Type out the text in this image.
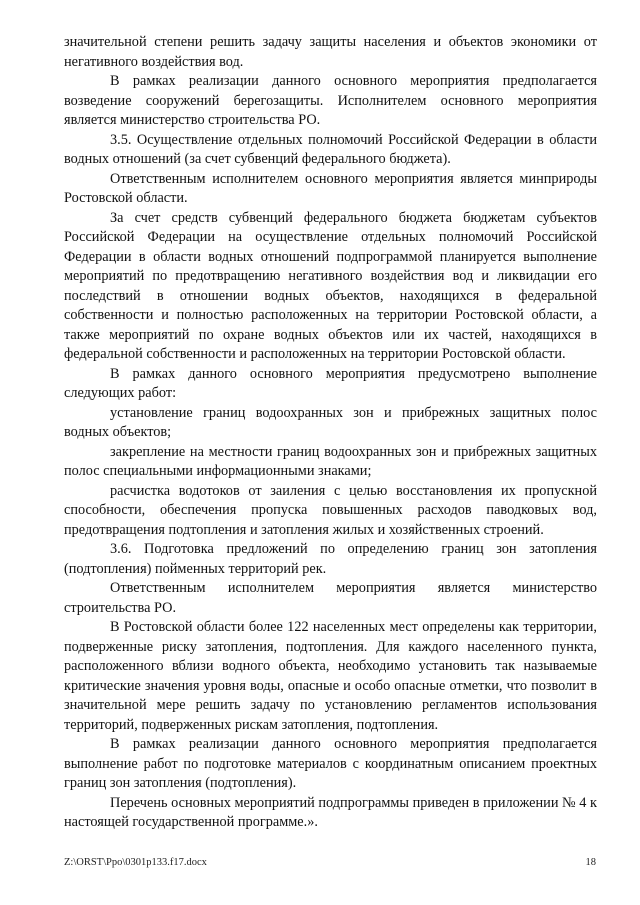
значительной степени решить задачу защиты населения и объектов экономики от негативного воздействия вод.

В рамках реализации данного основного мероприятия предполагается возведение сооружений берегозащиты. Исполнителем основного мероприятия является министерство строительства РО.

3.5. Осуществление отдельных полномочий Российской Федерации в области водных отношений (за счет субвенций федерального бюджета).

Ответственным исполнителем основного мероприятия является минприроды Ростовской области.

За счет средств субвенций федерального бюджета бюджетам субъектов Российской Федерации на осуществление отдельных полномочий Российской Федерации в области водных отношений подпрограммой планируется выполнение мероприятий по предотвращению негативного воздействия вод и ликвидации его последствий в отношении водных объектов, находящихся в федеральной собственности и полностью расположенных на территории Ростовской области, а также мероприятий по охране водных объектов или их частей, находящихся в федеральной собственности и расположенных на территории Ростовской области.

В рамках данного основного мероприятия предусмотрено выполнение следующих работ:

установление границ водоохранных зон и прибрежных защитных полос водных объектов;

закрепление на местности границ водоохранных зон и прибрежных защитных полос специальными информационными знаками;

расчистка водотоков от заиления с целью восстановления их пропускной способности, обеспечения пропуска повышенных расходов паводковых вод, предотвращения подтопления и затопления жилых и хозяйственных строений.

3.6. Подготовка предложений по определению границ зон затопления (подтопления) пойменных территорий рек.

Ответственным исполнителем мероприятия является министерство строительства РО.

В Ростовской области более 122 населенных мест определены как территории, подверженные риску затопления, подтопления. Для каждого населенного пункта, расположенного вблизи водного объекта, необходимо установить так называемые критические значения уровня воды, опасные и особо опасные отметки, что позволит в значительной мере решить задачу по установлению регламентов использования территорий, подверженных рискам затопления, подтопления.

В рамках реализации данного основного мероприятия предполагается выполнение работ по подготовке материалов с координатным описанием проектных границ зон затопления (подтопления).

Перечень основных мероприятий подпрограммы приведен в приложении № 4 к настоящей государственной программе.».

Z:\ORST\Ppo\0301p133.f17.docx	18
